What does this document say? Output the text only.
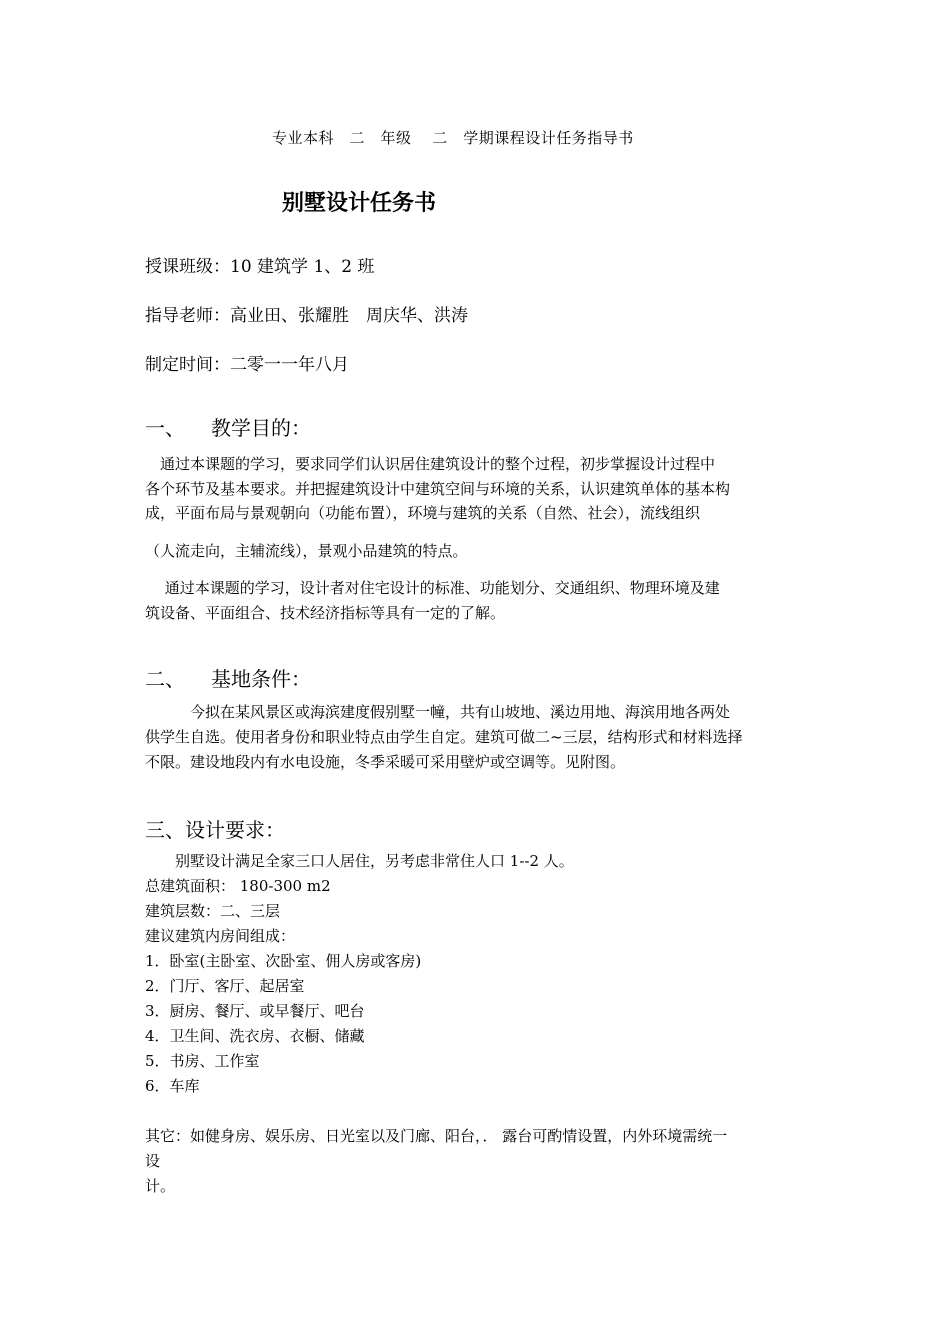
专业本科　二　年级　 二　学期课程设计任务指导书
别墅设计任务书
授课班级：10 建筑学 1、2 班
指导老师：高业田、张耀胜　周庆华、洪涛
制定时间：二零一一年八月
一、 教学目的：
　通过本课题的学习，要求同学们认识居住建筑设计的整个过程，初步掌握设计过程中
各个环节及基本要求。并把握建筑设计中建筑空间与环境的关系，认识建筑单体的基本构
成，平面布局与景观朝向（功能布置），环境与建筑的关系（自然、社会），流线组织
（人流走向，主辅流线），景观小品建筑的特点。
　 通过本课题的学习，设计者对住宅设计的标准、功能划分、交通组织、物理环境及建
筑设备、平面组合、技术经济指标等具有一定的了解。
二、 基地条件：
　　　今拟在某风景区或海滨建度假别墅一幢，共有山坡地、溪边用地、海滨用地各两处
供学生自选。使用者身份和职业特点由学生自定。建筑可做二~三层，结构形式和材料选择
不限。建设地段内有水电设施，冬季采暖可采用壁炉或空调等。见附图。
三、设计要求：
　　别墅设计满足全家三口人居住，另考虑非常住人口 1--2 人。
总建筑面积： 180-300 m2
建筑层数：二、三层
建议建筑内房间组成：
1．卧室(主卧室、次卧室、佣人房或客房)
2．门厅、客厅、起居室
3．厨房、餐厅、或早餐厅、吧台
4．卫生间、洗衣房、衣橱、储藏
5．书房、工作室
6．车库
其它：如健身房、娱乐房、日光室以及门廊、阳台，． 露台可酌情设置，内外环境需统一
设
计。
